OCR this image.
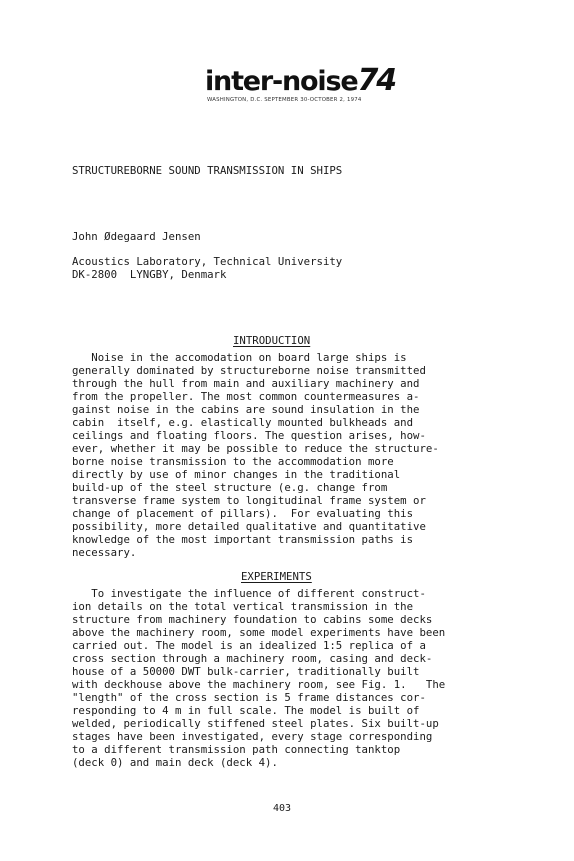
inter-noise74
WASHINGTON, D.C. SEPTEMBER 30-OCTOBER 2, 1974
STRUCTUREBORNE SOUND TRANSMISSION IN SHIPS
John Ødegaard Jensen
Acoustics Laboratory, Technical University
DK-2800  LYNGBY, Denmark
INTRODUCTION
Noise in the accomodation on board large ships is
generally dominated by structureborne noise transmitted
through the hull from main and auxiliary machinery and
from the propeller. The most common countermeasures a-
gainst noise in the cabins are sound insulation in the
cabin  itself, e.g. elastically mounted bulkheads and
ceilings and floating floors. The question arises, how-
ever, whether it may be possible to reduce the structure-
borne noise transmission to the accommodation more
directly by use of minor changes in the traditional
build-up of the steel structure (e.g. change from
transverse frame system to longitudinal frame system or
change of placement of pillars).  For evaluating this
possibility, more detailed qualitative and quantitative
knowledge of the most important transmission paths is
necessary.
EXPERIMENTS
To investigate the influence of different construct-
ion details on the total vertical transmission in the
structure from machinery foundation to cabins some decks
above the machinery room, some model experiments have been
carried out. The model is an idealized 1:5 replica of a
cross section through a machinery room, casing and deck-
house of a 50000 DWT bulk-carrier, traditionally built
with deckhouse above the machinery room, see Fig. 1.   The
"length" of the cross section is 5 frame distances cor-
responding to 4 m in full scale. The model is built of
welded, periodically stiffened steel plates. Six built-up
stages have been investigated, every stage corresponding
to a different transmission path connecting tanktop
(deck 0) and main deck (deck 4).
403
